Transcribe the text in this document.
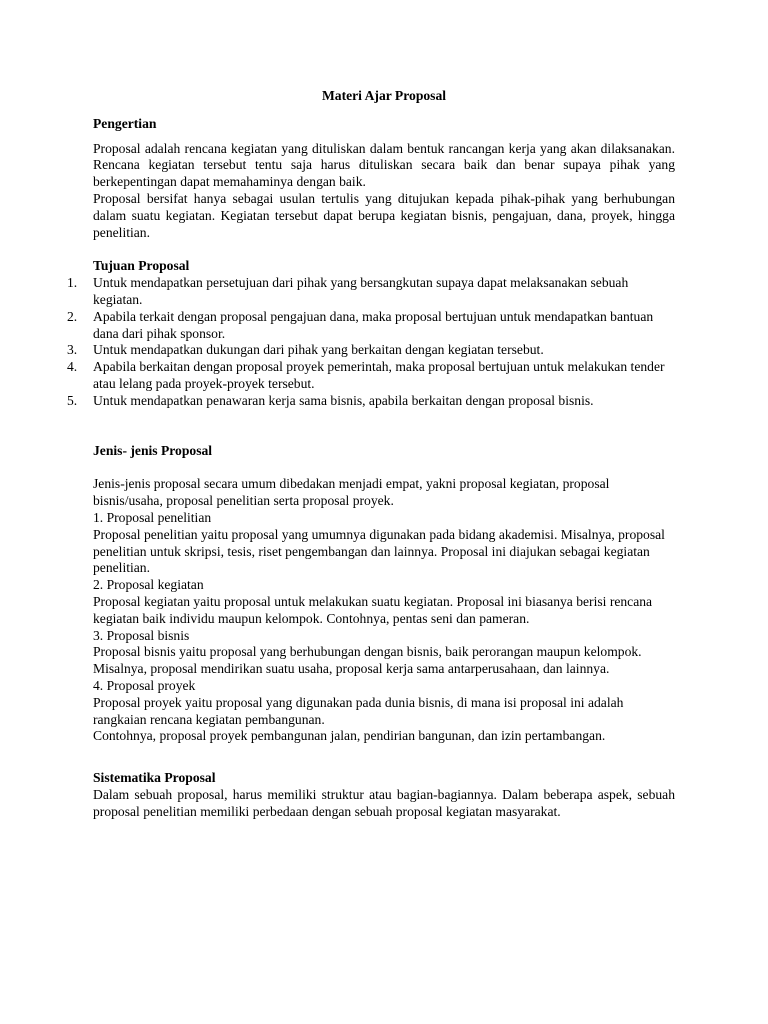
Materi Ajar Proposal

Pengertian

Proposal adalah rencana kegiatan yang dituliskan dalam bentuk rancangan kerja yang akan dilaksanakan. Rencana kegiatan tersebut tentu saja harus dituliskan secara baik dan benar supaya pihak yang berkepentingan dapat memahaminya dengan baik.

Proposal bersifat hanya sebagai usulan tertulis yang ditujukan kepada pihak-pihak yang berhubungan dalam suatu kegiatan. Kegiatan tersebut dapat berupa kegiatan bisnis, pengajuan, dana, proyek, hingga penelitian.

Tujuan Proposal

1.	Untuk mendapatkan persetujuan dari pihak yang bersangkutan supaya dapat melaksanakan sebuah kegiatan.
2.	Apabila terkait dengan proposal pengajuan dana, maka proposal bertujuan untuk mendapatkan bantuan dana dari pihak sponsor.
3.	Untuk mendapatkan dukungan dari pihak yang berkaitan dengan kegiatan tersebut.
4.	Apabila berkaitan dengan proposal proyek pemerintah, maka proposal bertujuan untuk melakukan tender atau lelang pada proyek-proyek tersebut.
5.	Untuk mendapatkan penawaran kerja sama bisnis, apabila berkaitan dengan proposal bisnis.

Jenis- jenis Proposal

Jenis-jenis proposal secara umum dibedakan menjadi empat, yakni proposal kegiatan, proposal bisnis/usaha, proposal penelitian serta proposal proyek.

1. Proposal penelitian

Proposal penelitian yaitu proposal yang umumnya digunakan pada bidang akademisi. Misalnya, proposal penelitian untuk skripsi, tesis, riset pengembangan dan lainnya. Proposal ini diajukan sebagai kegiatan penelitian.

2. Proposal kegiatan

Proposal kegiatan yaitu proposal untuk melakukan suatu kegiatan. Proposal ini biasanya berisi rencana kegiatan baik individu maupun kelompok. Contohnya, pentas seni dan pameran.

3. Proposal bisnis

Proposal bisnis yaitu proposal yang berhubungan dengan bisnis, baik perorangan maupun kelompok. Misalnya, proposal mendirikan suatu usaha, proposal kerja sama antarperusahaan, dan lainnya.

4. Proposal proyek

Proposal proyek yaitu proposal yang digunakan pada dunia bisnis, di mana isi proposal ini adalah rangkaian rencana kegiatan pembangunan.

Contohnya, proposal proyek pembangunan jalan, pendirian bangunan, dan izin pertambangan.

Sistematika Proposal

Dalam sebuah proposal, harus memiliki struktur atau bagian-bagiannya. Dalam beberapa aspek, sebuah proposal penelitian memiliki perbedaan dengan sebuah proposal kegiatan masyarakat.
